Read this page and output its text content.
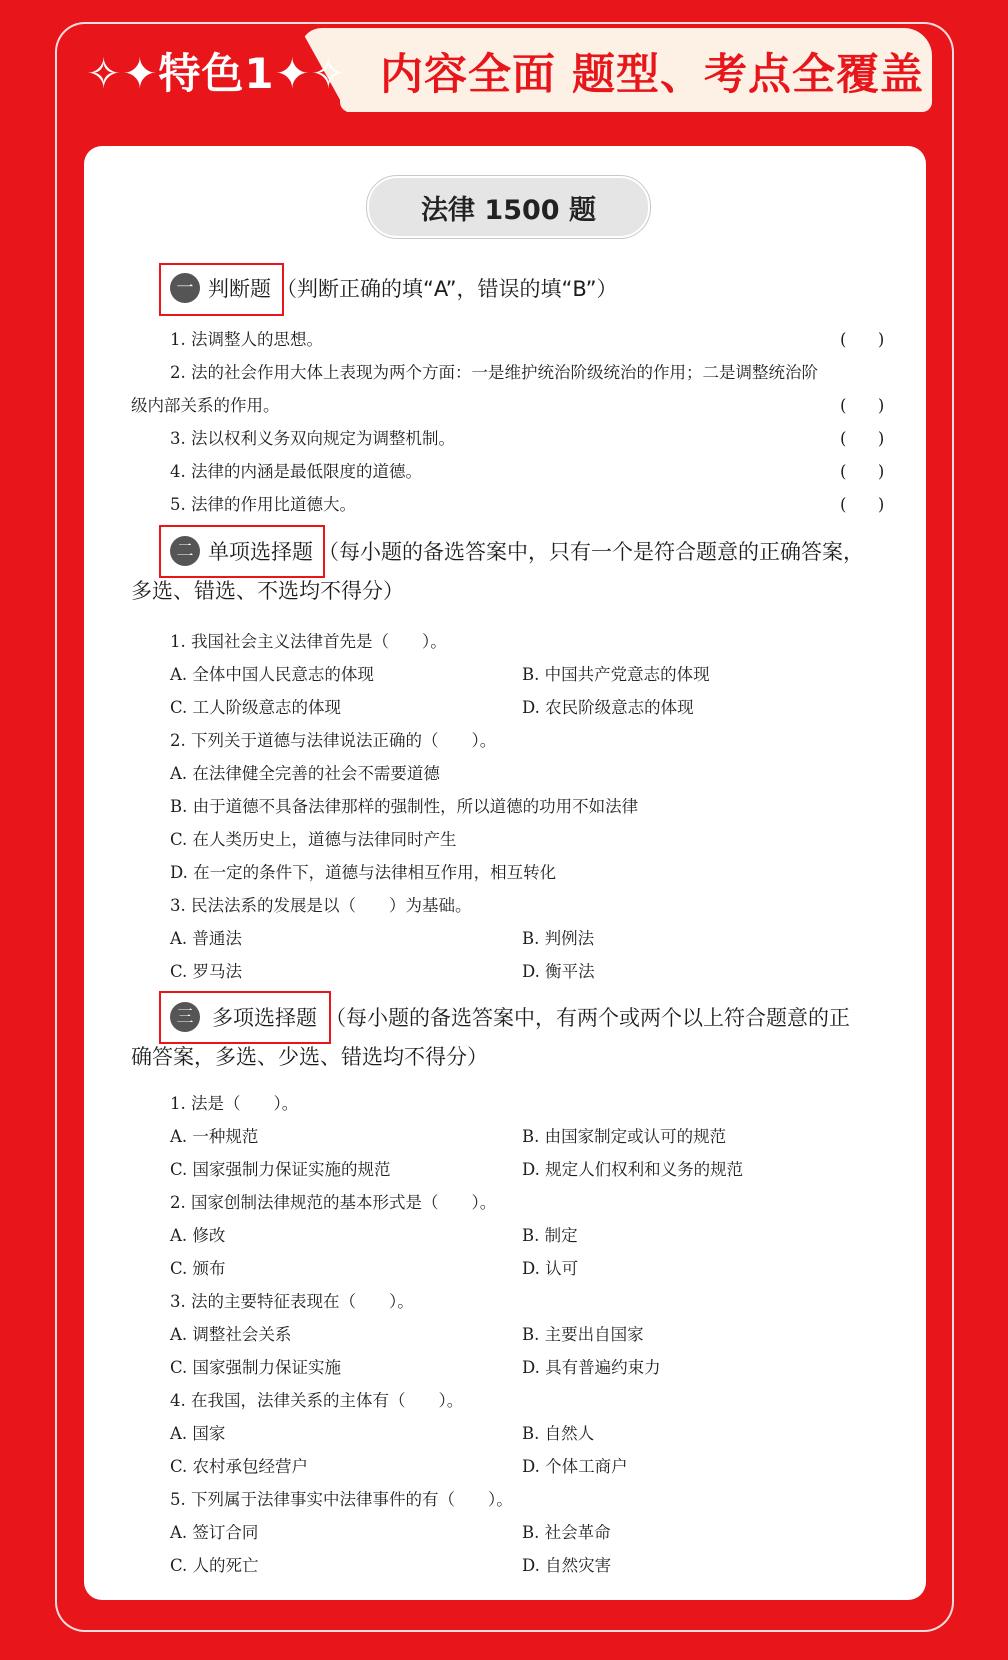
✧✦特色1✦✧ 内容全面 题型、考点全覆盖
法律 1500 题
一 判断题 （判断正确的填“A”，错误的填“B”）
1. 法调整人的思想。	(      )
2. 法的社会作用大体上表现为两个方面：一是维护统治阶级统治的作用；二是调整统治阶
级内部关系的作用。	(      )
3. 法以权利义务双向规定为调整机制。	(      )
4. 法律的内涵是最低限度的道德。	(      )
5. 法律的作用比道德大。	(      )
二 单项选择题 （每小题的备选答案中，只有一个是符合题意的正确答案，
多选、错选、不选均不得分）
1. 我国社会主义法律首先是（　　）。
A. 全体中国人民意志的体现	B. 中国共产党意志的体现
C. 工人阶级意志的体现	D. 农民阶级意志的体现
2. 下列关于道德与法律说法正确的（　　）。
A. 在法律健全完善的社会不需要道德
B. 由于道德不具备法律那样的强制性，所以道德的功用不如法律
C. 在人类历史上，道德与法律同时产生
D. 在一定的条件下，道德与法律相互作用，相互转化
3. 民法法系的发展是以（　　）为基础。
A. 普通法	B. 判例法
C. 罗马法	D. 衡平法
三 多项选择题 （每小题的备选答案中，有两个或两个以上符合题意的正
确答案，多选、少选、错选均不得分）
1. 法是（　　）。
A. 一种规范	B. 由国家制定或认可的规范
C. 国家强制力保证实施的规范	D. 规定人们权利和义务的规范
2. 国家创制法律规范的基本形式是（　　）。
A. 修改	B. 制定
C. 颁布	D. 认可
3. 法的主要特征表现在（　　）。
A. 调整社会关系	B. 主要出自国家
C. 国家强制力保证实施	D. 具有普遍约束力
4. 在我国，法律关系的主体有（　　）。
A. 国家	B. 自然人
C. 农村承包经营户	D. 个体工商户
5. 下列属于法律事实中法律事件的有（　　）。
A. 签订合同	B. 社会革命
C. 人的死亡	D. 自然灾害
